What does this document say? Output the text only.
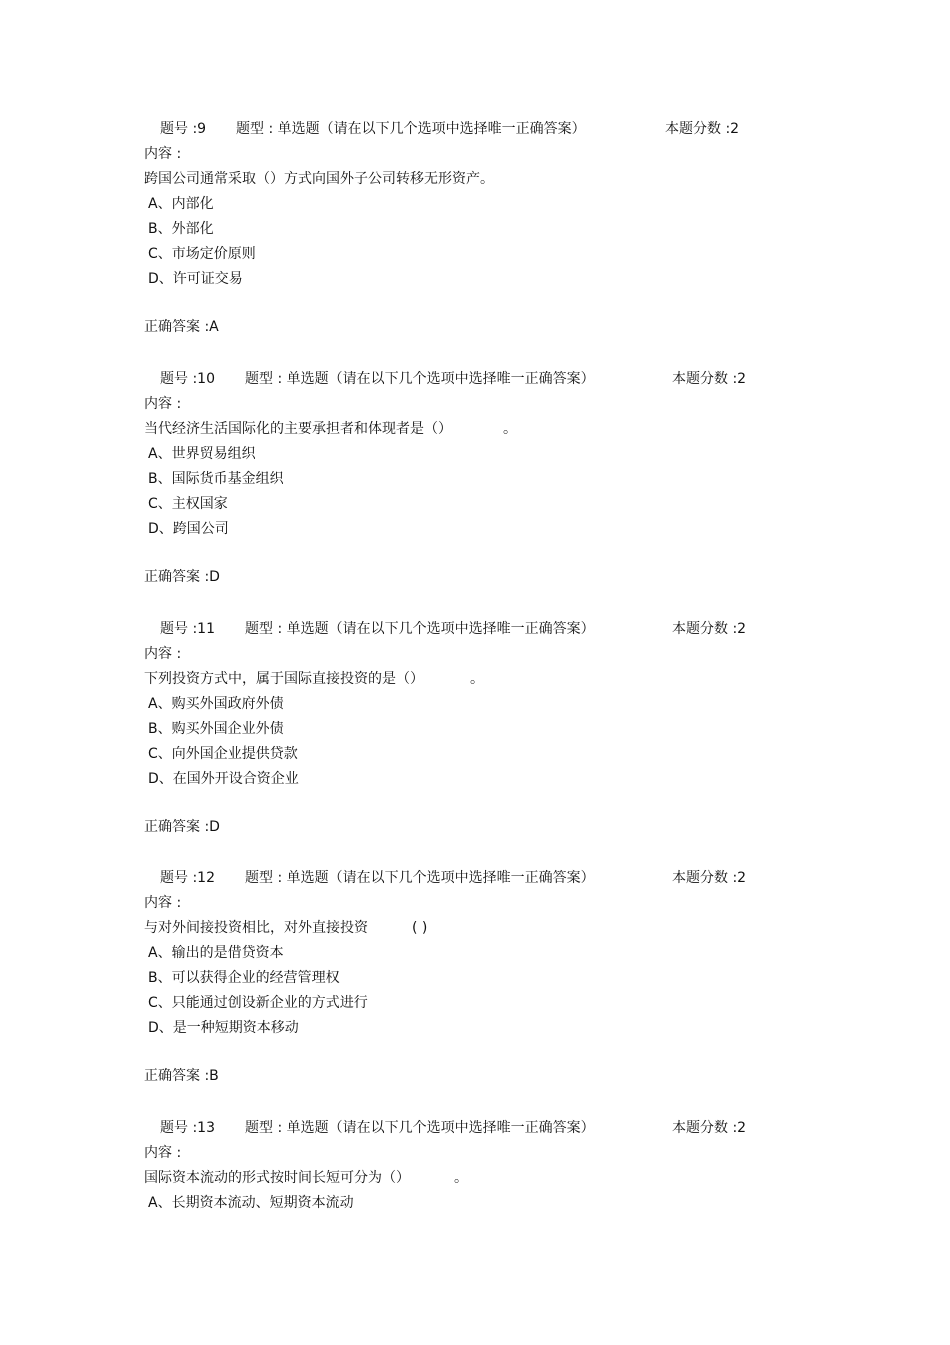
题号 :9 题型 : 单选题（请在以下几个选项中选择唯一正确答案）	本题分数 :2
内容 :
跨国公司通常采取（）方式向国外子公司转移无形资产。
A、内部化
B、外部化
C、市场定价原则
D、许可证交易
正确答案 :A
题号 :10 题型 : 单选题（请在以下几个选项中选择唯一正确答案）	本题分数 :2
内容 :
当代经济生活国际化的主要承担者和体现者是（）	。
A、世界贸易组织
B、国际货币基金组织
C、主权国家
D、跨国公司
正确答案 :D
题号 :11 题型 : 单选题（请在以下几个选项中选择唯一正确答案）	本题分数 :2
内容 :
下列投资方式中，属于国际直接投资的是（）	。
A、购买外国政府外债
B、购买外国企业外债
C、向外国企业提供贷款
D、在国外开设合资企业
正确答案 :D
题号 :12 题型 : 单选题（请在以下几个选项中选择唯一正确答案）	本题分数 :2
内容 :
与对外间接投资相比，对外直接投资	( )
A、输出的是借贷资本
B、可以获得企业的经营管理权
C、只能通过创设新企业的方式进行
D、是一种短期资本移动
正确答案 :B
题号 :13 题型 : 单选题（请在以下几个选项中选择唯一正确答案）	本题分数 :2
内容 :
国际资本流动的形式按时间长短可分为（）	。
A、长期资本流动、短期资本流动
